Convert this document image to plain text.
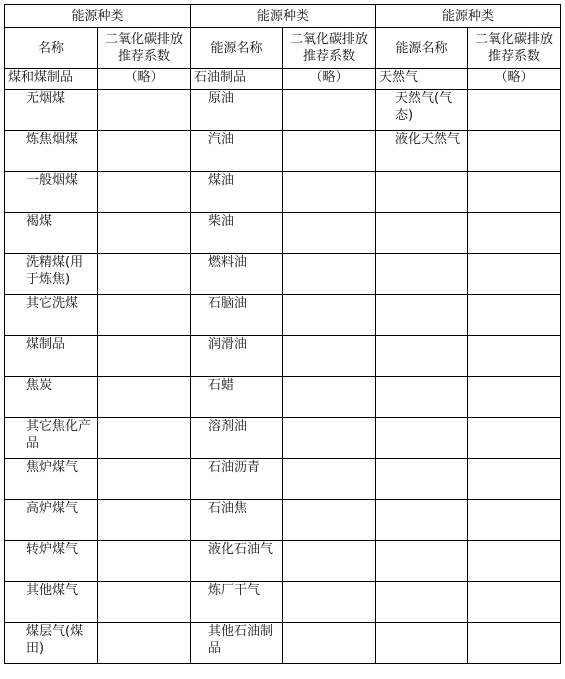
能源种类		能源种类		能源种类	
名称	二氧化碳排放推荐系数	能源名称	二氧化碳排放推荐系数	能源名称	二氧化碳排放推荐系数
煤和煤制品	（略）	石油制品	（略）	天然气	（略）

无烟煤		原油		天然气(气态)	

炼焦烟煤		汽油		液化天然气	

一般烟煤		煤油			

褐煤		柴油			

洗精煤(用于炼焦)		燃料油			

其它洗煤		石脑油			

煤制品		润滑油			

焦炭		石蜡			

其它焦化产品		溶剂油			

焦炉煤气		石油沥青			

高炉煤气		石油焦			

转炉煤气		液化石油气			

其他煤气		炼厂干气			

煤层气(煤田)		其他石油制品			
